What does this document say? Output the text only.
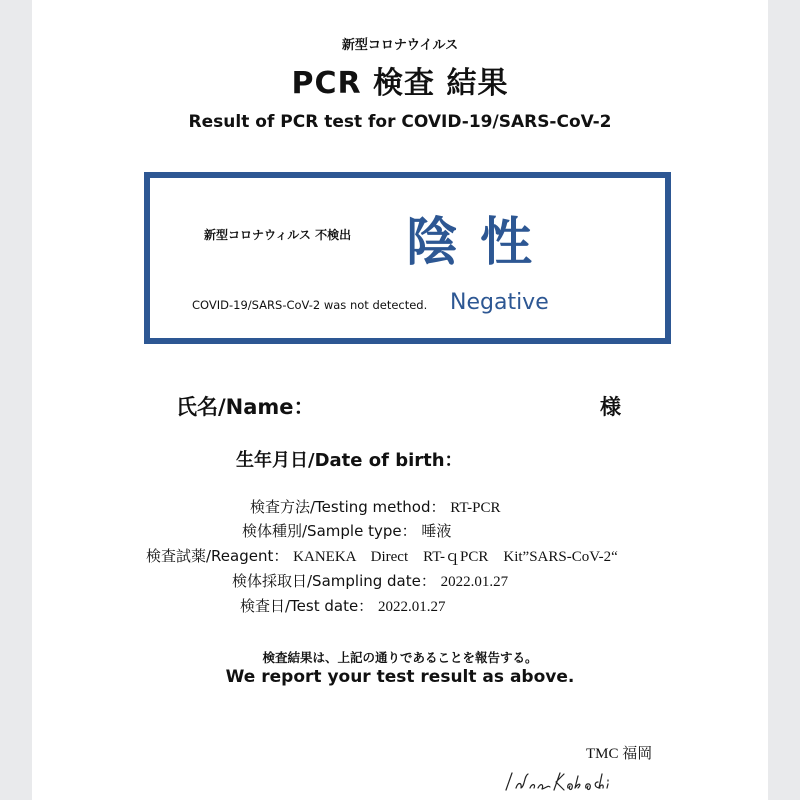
新型コロナウイルス
PCR 検査 結果
Result of PCR test for COVID-19/SARS-CoV-2
新型コロナウィルス 不検出 陰性
COVID-19/SARS-CoV-2 was not detected. Negative
氏名/Name：	様
生年月日/Date of birth：
検査方法/Testing method： RT-PCR
検体種別/Sample type： 唾液
検査試薬/Reagent： KANEKA　Direct　RT-ｑPCR　Kit”SARS-CoV-2“
検体採取日/Sampling date： 2022.01.27
検査日/Test date： 2022.01.27
検査結果は、上記の通りであることを報告する。
We report your test result as above.
TMC 福岡
